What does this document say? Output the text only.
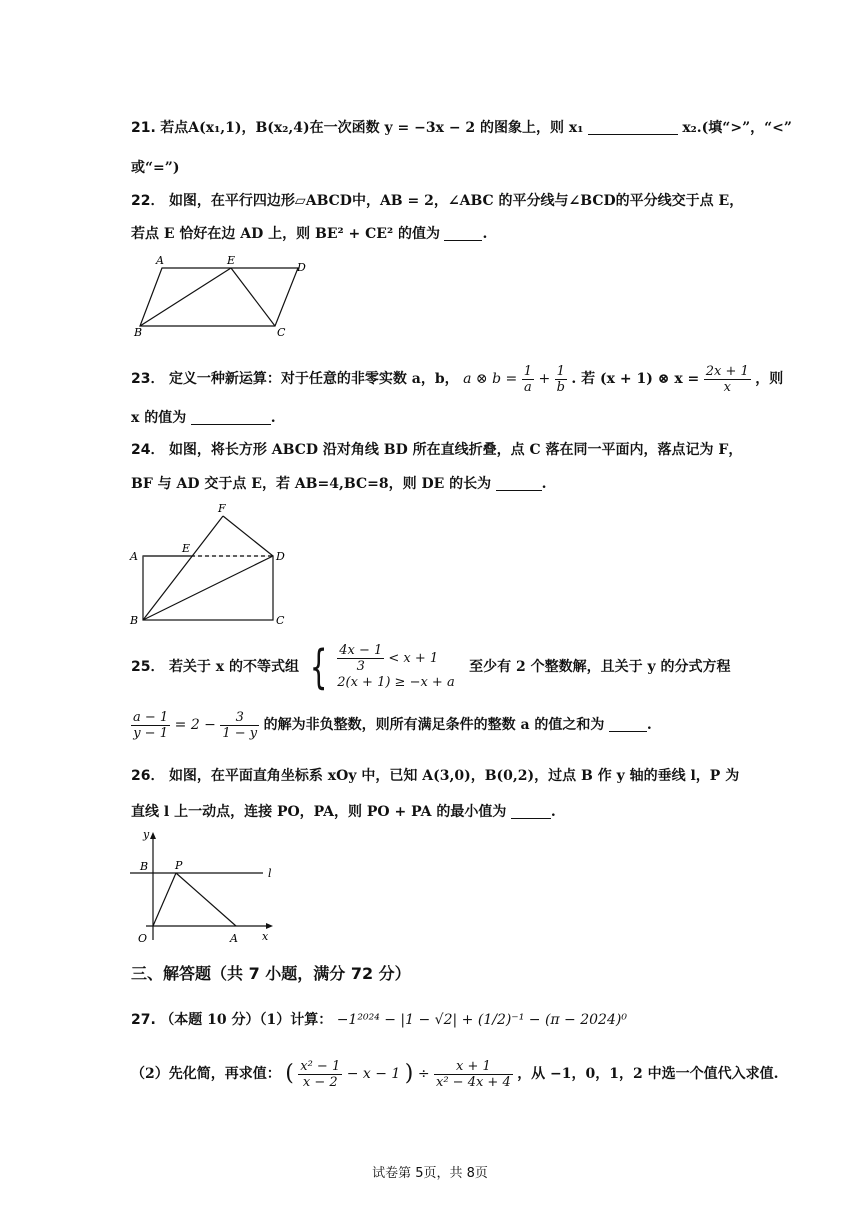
21. 若点A(x₁,1)，B(x₂,4)在一次函数 y = −3x − 2 的图象上，则 x₁	x₂.(填“>”，“<”
或“=”)
22． 如图，在平行四边形▱ABCD中，AB = 2，∠ABC 的平分线与∠BCD的平分线交于点 E，
若点 E 恰好在边 AD 上，则 BE² + CE² 的值为	.
A	E
D
B	C
23． 定义一种新运算：对于任意的非零实数 a，b， a ⊗ $b = \frac{1}{a} + \frac{1}{b}$ . 若 (x + 1) ⊗ $x = \frac{2x + 1}{x}$ ，则
x 的值为	.
24． 如图，将长方形 ABCD 沿对角线 BD 所在直线折叠，点 C 落在同一平面内，落点记为 F，
BF 与 AD 交于点 E，若 AB=4,BC=8，则 DE 的长为	.
F
A
E
D
B	C
25． 若关于 x 的不等式组 { $\frac{4x - 1}{3} < x + 1$
2(x + 1) ≥ −x + a
至少有 2 个整数解，且关于 y 的分式方程
$\frac{a - 1}{y - 1} = 2 - \frac{3}{1 - y}$ 的解为非负整数，则所有满足条件的整数 a 的值之和为	.
26． 如图，在平面直角坐标系 xOy 中，已知 A(3,0)，B(0,2)，过点 B 作 y 轴的垂线 l，P 为
直线 l 上一动点，连接 PO，PA，则 PO + PA 的最小值为	.
y
B P
l
O	A x
三、解答题（共 7 小题，满分 72 分）
27. （本题 10 分）（1）计算： −1²⁰²⁴ − |1 − √2| + (1/2)⁻¹ − (π − 2024)⁰
（2）先化简，再求值： ( $\frac{\text{x² − 1}}{x - 2} - x - 1$ ) ÷ $\frac{x + 1}{\text{x² − 4x + 4}}$ ，从 −1，0，1，2 中选一个值代入求值.
试卷第 5页，共 8页
